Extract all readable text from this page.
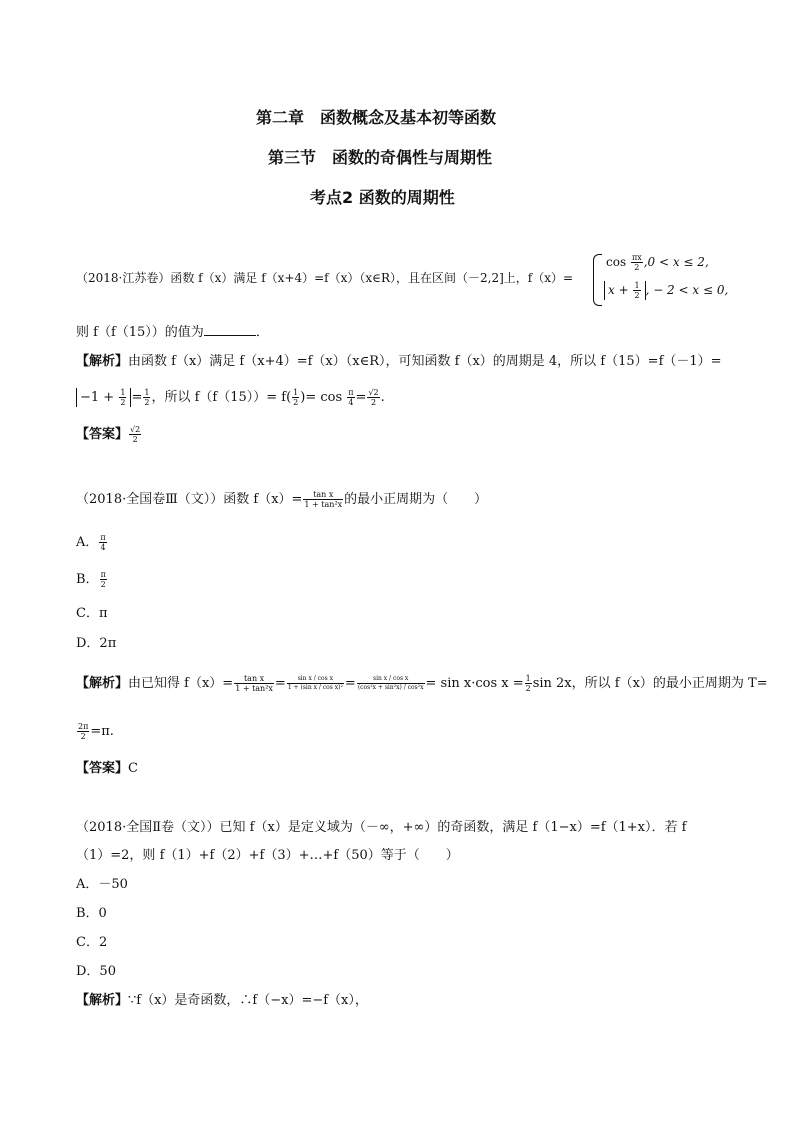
第二章　函数概念及基本初等函数
第三节　函数的奇偶性与周期性
考点2 函数的周期性
（2018·江苏卷）函数 f（x）满足 f（x+4）=f（x）（x∈R），且在区间（－2,2]上，f（x）=
$\cos \frac{\pi x}{2} ,0 < x \le 2$,
$x + \frac{1}{2}$ , − 2 < x ≤ 0,
则 f（f（15））的值为	．
【解析】由函数 f（x）满足 f（x+4）=f（x）（x∈R），可知函数 f（x）的周期是 4，所以 f（15）=f（－1）=
$-1 + \frac{1}{2} = \frac{1}{2}$ ，所以 $f(f(15))= f( \frac{1}{2}$ )= $\cos \frac{\pi}{4} = \frac{√2}{2}$ .
【答案】 $\frac{√2}{2}$
（2018·全国卷Ⅲ（文））函数 $f(x)= \frac{\text{tan x}}{\text{1 + tan²x}}$ 的最小正周期为（　　）
A． $\frac{\pi}{4}$
B． $\frac{\pi}{2}$
C．π
D．2π
【解析】由已知得 $f(x)= \frac{\text{tan x}}{\text{1 + tan²x}} = \frac{\text{sin x / cos x}}{\text{1 + (sin x / cos x)²}} = \frac{\text{sin x / cos x}}{\text{(cos²x + sin²x) / cos²x}} = \sin x\cdot\cos$ $x = \frac{1}{2}$ sin 2x，所以 f（x）的最小正周期为 T=
$\frac{2\pi}{2} =\pi$.
【答案】C
（2018·全国Ⅱ卷（文））已知 f（x）是定义域为（－∞，+∞）的奇函数，满足 f（1−x）=f（1+x）．若 f
（1）=2，则 f（1）+f（2）+f（3）+…+f（50）等于（　　）
A．－50
B．0
C．2
D．50
【解析】∵f（x）是奇函数，∴f（−x）=−f（x），
